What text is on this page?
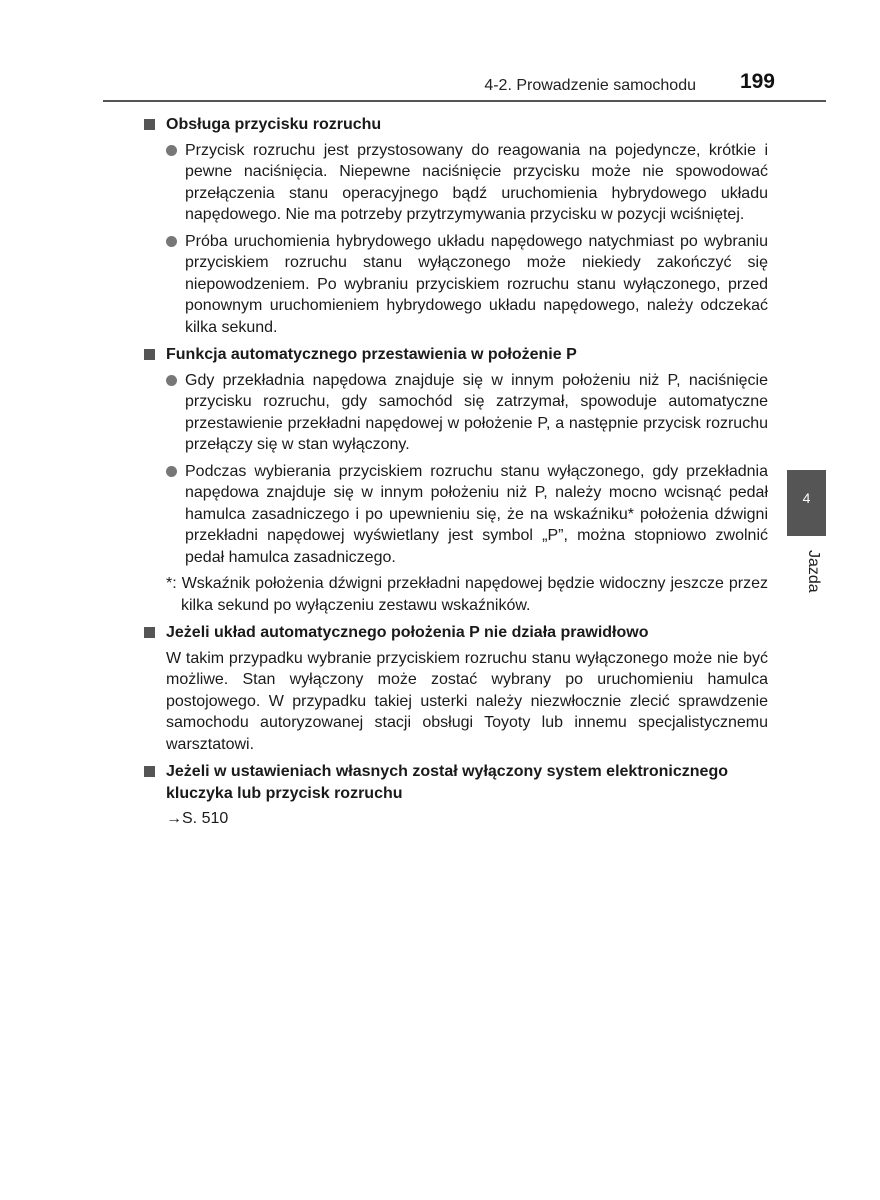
4-2. Prowadzenie samochodu 199
4
Jazda
Obsługa przycisku rozruchu
Przycisk rozruchu jest przystosowany do reagowania na pojedyncze, krótkie i pewne naciśnięcia. Niepewne naciśnięcie przycisku może nie spowodować przełączenia stanu operacyjnego bądź uruchomienia hybrydowego układu napędowego. Nie ma potrzeby przytrzymywania przycisku w pozycji wciśniętej.
Próba uruchomienia hybrydowego układu napędowego natychmiast po wybraniu przyciskiem rozruchu stanu wyłączonego może niekiedy zakończyć się niepowodzeniem. Po wybraniu przyciskiem rozruchu stanu wyłączonego, przed ponownym uruchomieniem hybrydowego układu napędowego, należy odczekać kilka sekund.
Funkcja automatycznego przestawienia w położenie P
Gdy przekładnia napędowa znajduje się w innym położeniu niż P, naciśnięcie przycisku rozruchu, gdy samochód się zatrzymał, spowoduje automatyczne przestawienie przekładni napędowej w położenie P, a następnie przycisk rozruchu przełączy się w stan wyłączony.
Podczas wybierania przyciskiem rozruchu stanu wyłączonego, gdy przekładnia napędowa znajduje się w innym położeniu niż P, należy mocno wcisnąć pedał hamulca zasadniczego i po upewnieniu się, że na wskaźniku* położenia dźwigni przekładni napędowej wyświetlany jest symbol „P”, można stopniowo zwolnić pedał hamulca zasadniczego.
*: Wskaźnik położenia dźwigni przekładni napędowej będzie widoczny jeszcze przez kilka sekund po wyłączeniu zestawu wskaźników.
Jeżeli układ automatycznego położenia P nie działa prawidłowo
W takim przypadku wybranie przyciskiem rozruchu stanu wyłączonego może nie być możliwe. Stan wyłączony może zostać wybrany po uruchomieniu hamulca postojowego. W przypadku takiej usterki należy niezwłocznie zlecić sprawdzenie samochodu autoryzowanej stacji obsługi Toyoty lub innemu specjalistycznemu warsztatowi.
Jeżeli w ustawieniach własnych został wyłączony system elektronicznego kluczyka lub przycisk rozruchu
→S. 510
